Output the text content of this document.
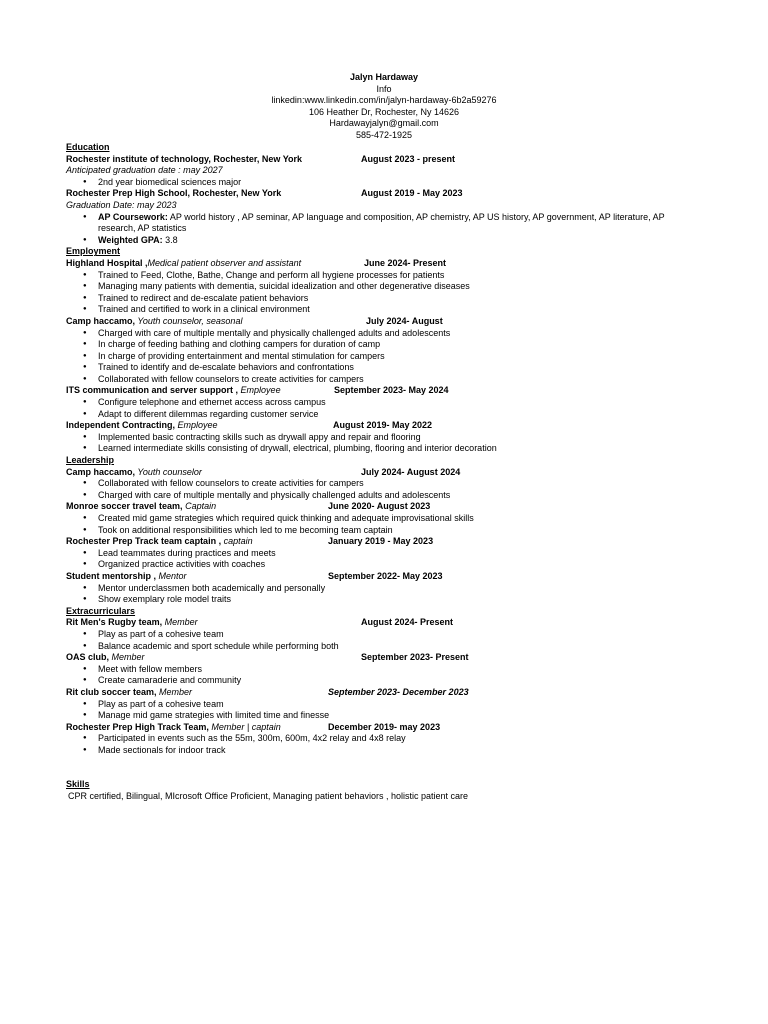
Jalyn Hardaway
Info
linkedin:www.linkedin.com/in/jalyn-hardaway-6b2a59276
106 Heather Dr, Rochester, Ny 14626
Hardawayjalyn@gmail.com
585-472-1925
Education
Rochester institute of technology, Rochester, New York	August 2023 - present
Anticipated graduation date : may 2027
● 2nd year biomedical sciences major
Rochester Prep High School, Rochester, New York	August 2019 - May 2023
Graduation Date: may 2023
● AP Coursework: AP world history , AP seminar, AP language and composition, AP chemistry, AP US history, AP government, AP literature, AP
research, AP statistics
● Weighted GPA: 3.8
Employment
Highland Hospital ,Medical patient observer and assistant	June 2024- Present
● Trained to Feed, Clothe, Bathe, Change and perform all hygiene processes for patients
● Managing many patients with dementia, suicidal idealization and other degenerative diseases
● Trained to redirect and de-escalate patient behaviors
● Trained and certified to work in a clinical environment
Camp haccamo, Youth counselor, seasonal	July 2024- August
● Charged with care of multiple mentally and physically challenged adults and adolescents
● In charge of feeding bathing and clothing campers for duration of camp
● In charge of providing entertainment and mental stimulation for campers
● Trained to identify and de-escalate behaviors and confrontations
● Collaborated with fellow counselors to create activities for campers
ITS communication and server support , Employee	September 2023- May 2024
● Configure telephone and ethernet access across campus
● Adapt to different dilemmas regarding customer service
Independent Contracting, Employee	August 2019- May 2022
● Implemented basic contracting skills such as drywall appy and repair and flooring
● Learned intermediate skills consisting of drywall, electrical, plumbing, flooring and interior decoration
Leadership
Camp haccamo, Youth counselor	July 2024- August 2024
● Collaborated with fellow counselors to create activities for campers
● Charged with care of multiple mentally and physically challenged adults and adolescents
Monroe soccer travel team, Captain	June 2020- August 2023
● Created mid game strategies which required quick thinking and adequate improvisational skills
● Took on additional responsibilities which led to me becoming team captain
Rochester Prep Track team captain , captain	January 2019 - May 2023
● Lead teammates during practices and meets
● Organized practice activities with coaches
Student mentorship , Mentor	September 2022- May 2023
● Mentor underclassmen both academically and personally
● Show exemplary role model traits
Extracurriculars
Rit Men's Rugby team, Member	August 2024- Present
● Play as part of a cohesive team
● Balance academic and sport schedule while performing both
OAS club, Member	September 2023- Present
● Meet with fellow members
● Create camaraderie and community
Rit club soccer team, Member	September 2023- December 2023
● Play as part of a cohesive team
● Manage mid game strategies with limited time and finesse
Rochester Prep High Track Team, Member | captain	December 2019- may 2023
● Participated in events such as the 55m, 300m, 600m, 4x2 relay and 4x8 relay
● Made sectionals for indoor track
Skills
CPR certified, Bilingual, MIcrosoft Office Proficient, Managing patient behaviors , holistic patient care
